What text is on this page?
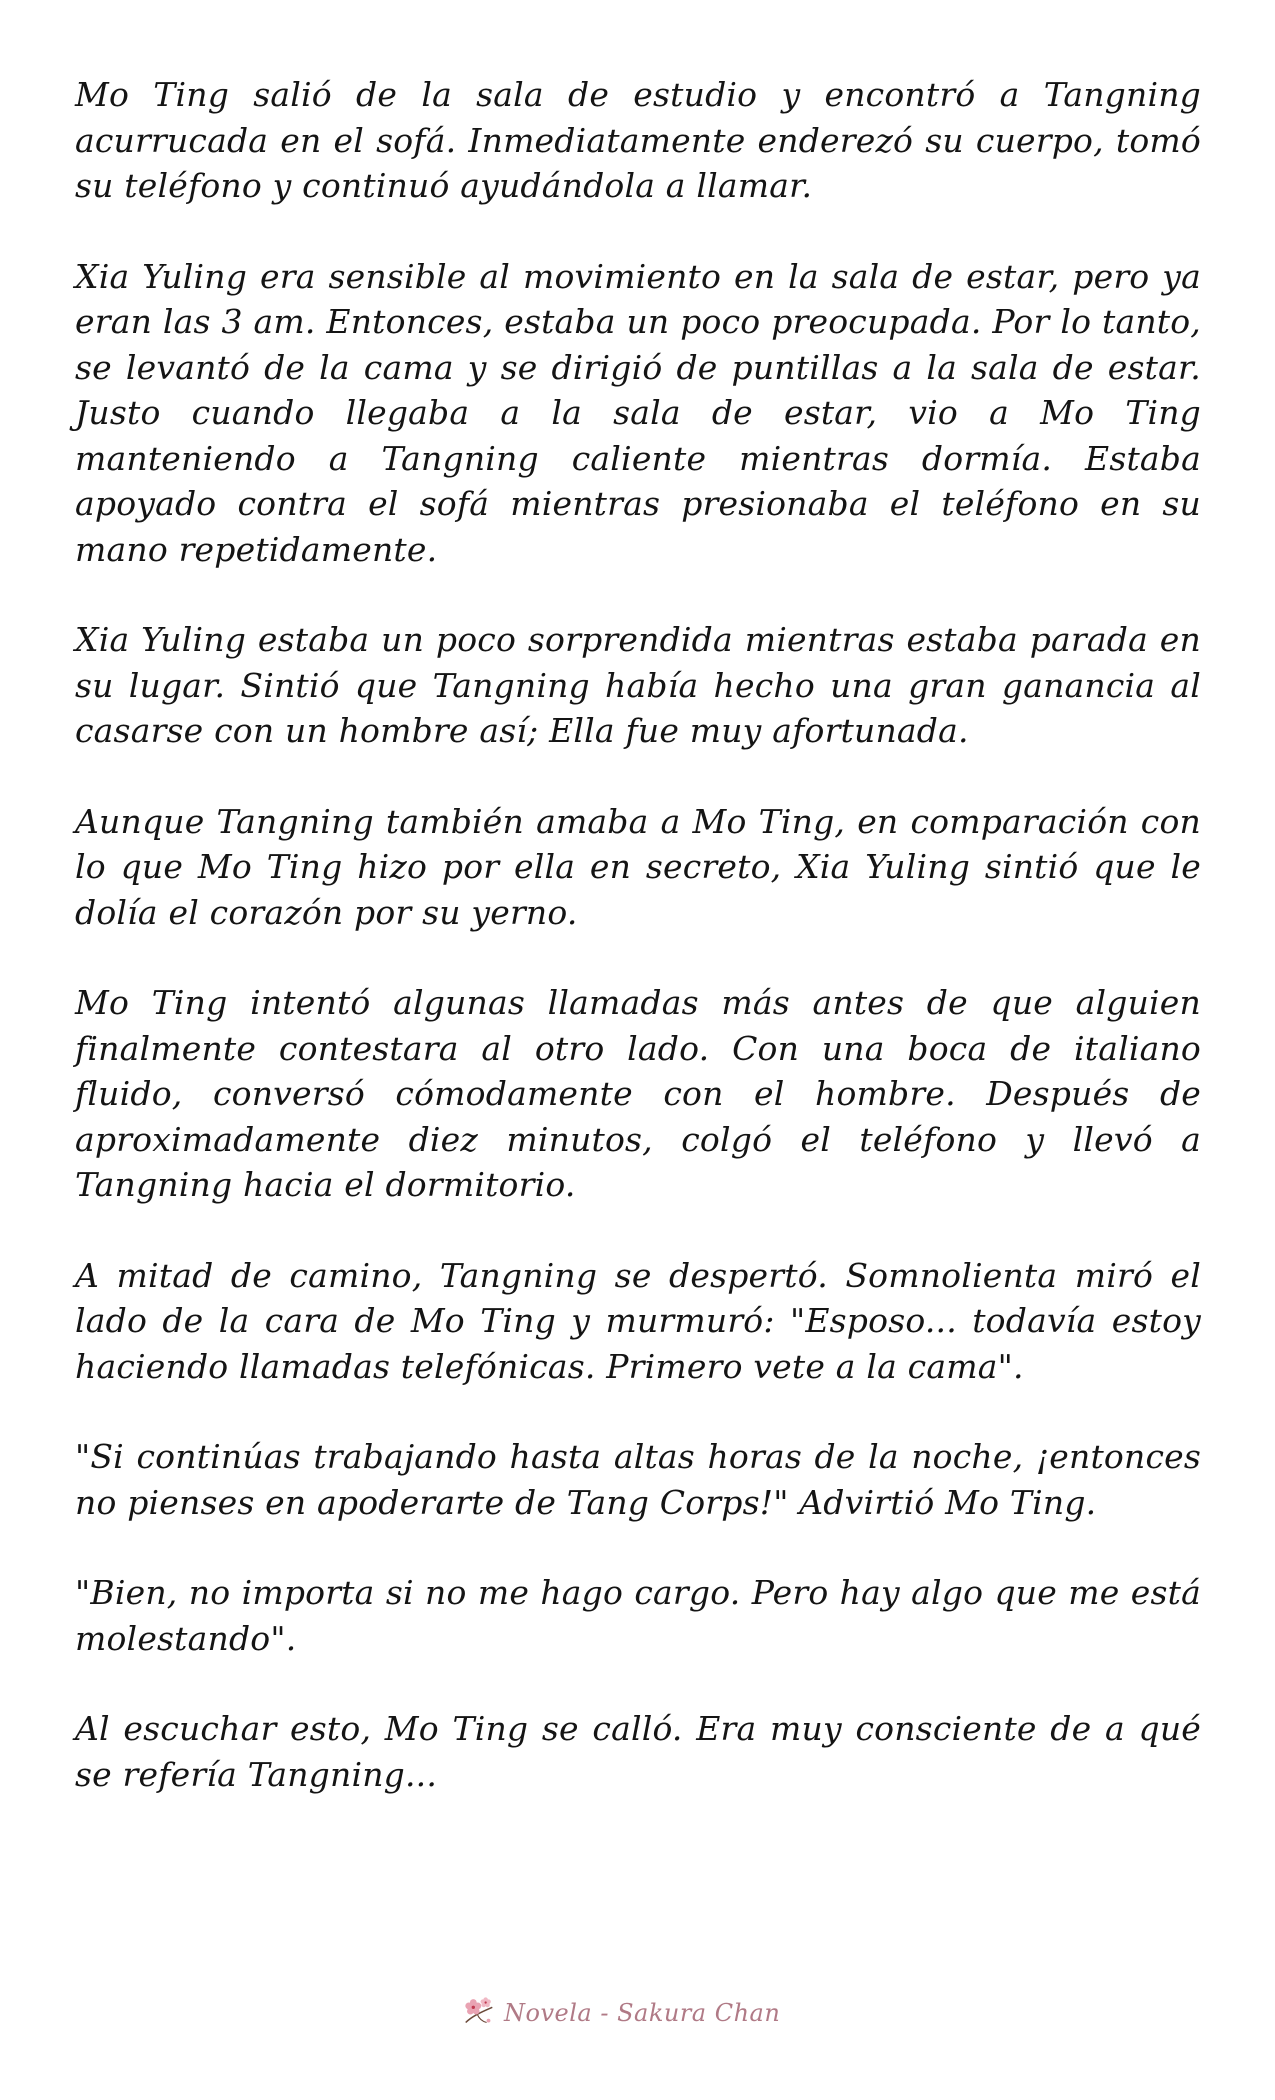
Mo Ting salió de la sala de estudio y encontró a Tangning acurrucada en el sofá. Inmediatamente enderezó su cuerpo, tomó su teléfono y continuó ayudándola a llamar.

Xia Yuling era sensible al movimiento en la sala de estar, pero ya eran las 3 am. Entonces, estaba un poco preocupada. Por lo tanto, se levantó de la cama y se dirigió de puntillas a la sala de estar. Justo cuando llegaba a la sala de estar, vio a Mo Ting manteniendo a Tangning caliente mientras dormía. Estaba apoyado contra el sofá mientras presionaba el teléfono en su mano repetidamente.

Xia Yuling estaba un poco sorprendida mientras estaba parada en su lugar. Sintió que Tangning había hecho una gran ganancia al casarse con un hombre así; Ella fue muy afortunada.

Aunque Tangning también amaba a Mo Ting, en comparación con lo que Mo Ting hizo por ella en secreto, Xia Yuling sintió que le dolía el corazón por su yerno.

Mo Ting intentó algunas llamadas más antes de que alguien finalmente contestara al otro lado. Con una boca de italiano fluido, conversó cómodamente con el hombre. Después de aproximadamente diez minutos, colgó el teléfono y llevó a Tangning hacia el dormitorio.

A mitad de camino, Tangning se despertó. Somnolienta miró el lado de la cara de Mo Ting y murmuró: "Esposo... todavía estoy haciendo llamadas telefónicas. Primero vete a la cama".

"Si continúas trabajando hasta altas horas de la noche, ¡entonces no pienses en apoderarte de Tang Corps!" Advirtió Mo Ting.

"Bien, no importa si no me hago cargo. Pero hay algo que me está molestando".

Al escuchar esto, Mo Ting se calló. Era muy consciente de a qué se refería Tangning...

Novela - Sakura Chan
